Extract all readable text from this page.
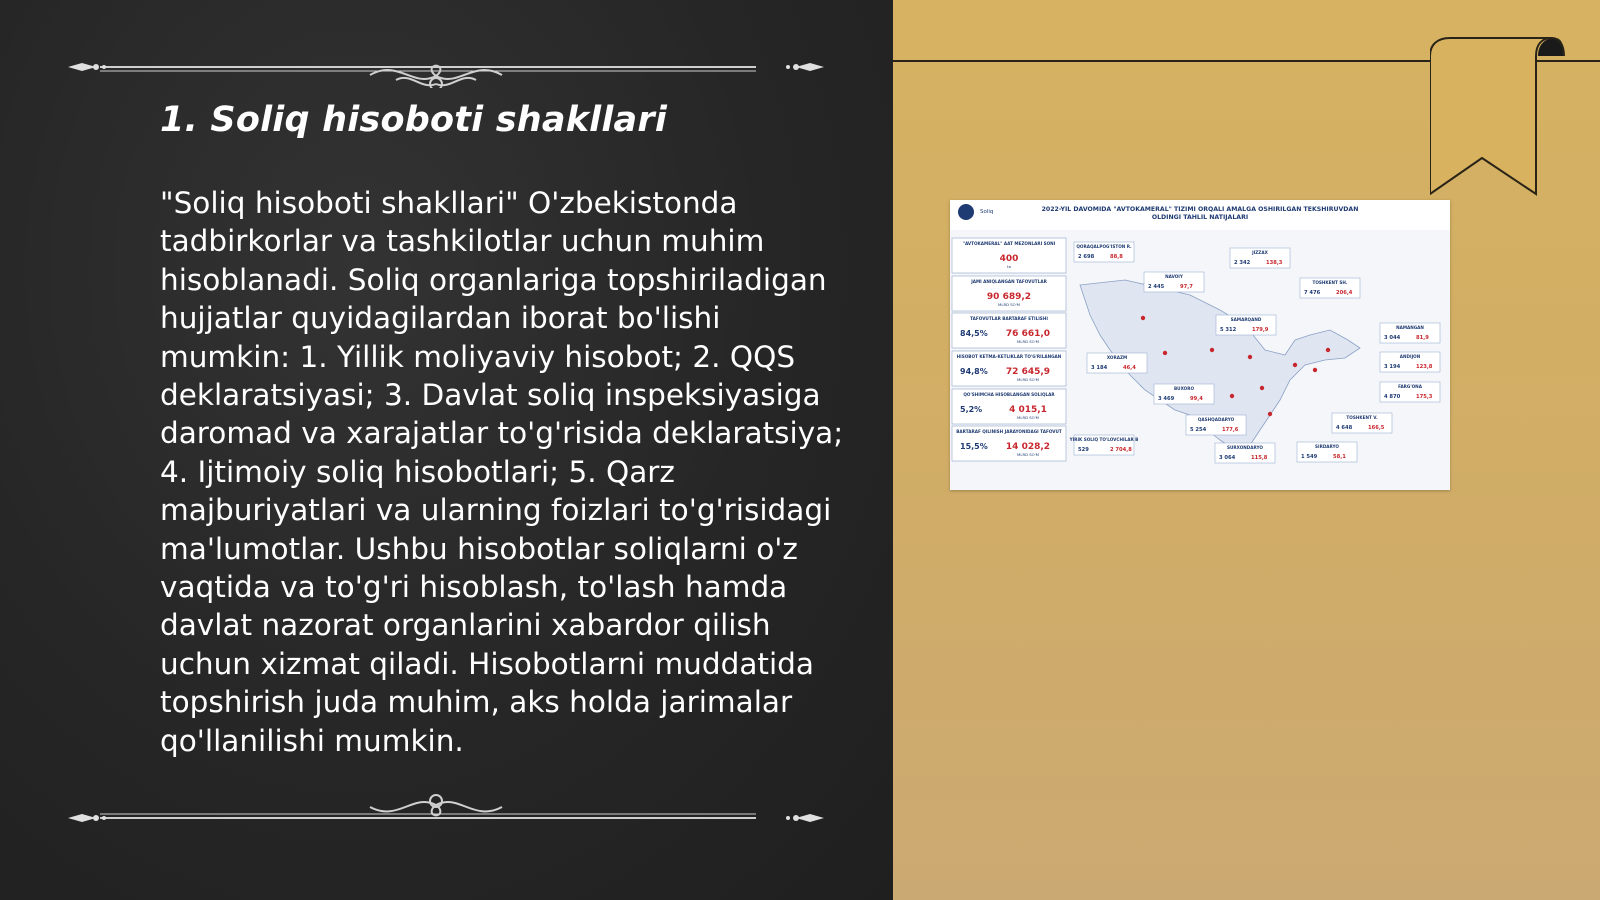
1. Soliq hisoboti shakllari

"Soliq hisoboti shakllari" O'zbekistonda tadbirkorlar va tashkilotlar uchun muhim hisoblanadi. Soliq organlariga topshiriladigan hujjatlar quyidagilardan iborat bo'lishi mumkin: 1. Yillik moliyaviy hisobot; 2. QQS deklaratsiyasi; 3. Davlat soliq inspeksiyasiga daromad va xarajatlar to'g'risida deklaratsiya; 4. Ijtimoiy soliq hisobotlari; 5. Qarz majburiyatlari va ularning foizlari to'g'risidagi ma'lumotlar. Ushbu hisobotlar soliqlarni o'z vaqtida va to'g'ri hisoblash, to'lash hamda davlat nazorat organlarini xabardor qilish uchun xizmat qiladi. Hisobotlarni muddatida topshirish juda muhim, aks holda jarimalar qo'llanilishi mumkin.

Soliq	2022-YIL DAVOMIDA "AVTOKAMERAL" TIZIMI ORQALI AMALGA OSHIRILGAN TEKSHIRUVDAN
OLDINGI TAHLIL NATIJALARI
"AVTOKAMERAL" AAT MEZONLARI SONI
400
ta
JAMI ANIQLANGAN TAFOVUTLAR
90 689,2
MLRD SO'M
TAFOVUTLAR BARTARAF ETILISHI
84,5% 76 661,0
MLRD SO'M
HISOBOT KETMA-KETLIKLAR TO'G'RILANGAN
94,8% 72 645,9
MLRD SO'M
QO'SHIMCHA HISOBLANGAN SOLIQLAR
5,2%	4 015,1
MLRD SO'M
BARTARAF QILINISH JARAYONIDAGI TAFOVUT
15,5% 14 028,2
MLRD SO'M
QORAQALPOG'ISTON R.
2 698	88,8
NAVOIY
2 445	97,7
JIZZAX
2 342	138,3
TOSHKENT SH.
7 476	206,4
SAMARQAND
5 312	179,9	NAMANGAN
3 044	81,9
XORAZM
3 184	46,4
ANDIJON
3 194	123,8
BUXORO
3 469	99,4
FARG'ONA
4 870	175,3
QASHQADARYO
5 254	177,6
TOSHKENT V.
4 648	166,5
YIRIK SOLIQ TO'LOVCHILAR B
529	2 704,8	SURXONDARYO
3 064	115,8
SIRDARYO
1 549	58,1
